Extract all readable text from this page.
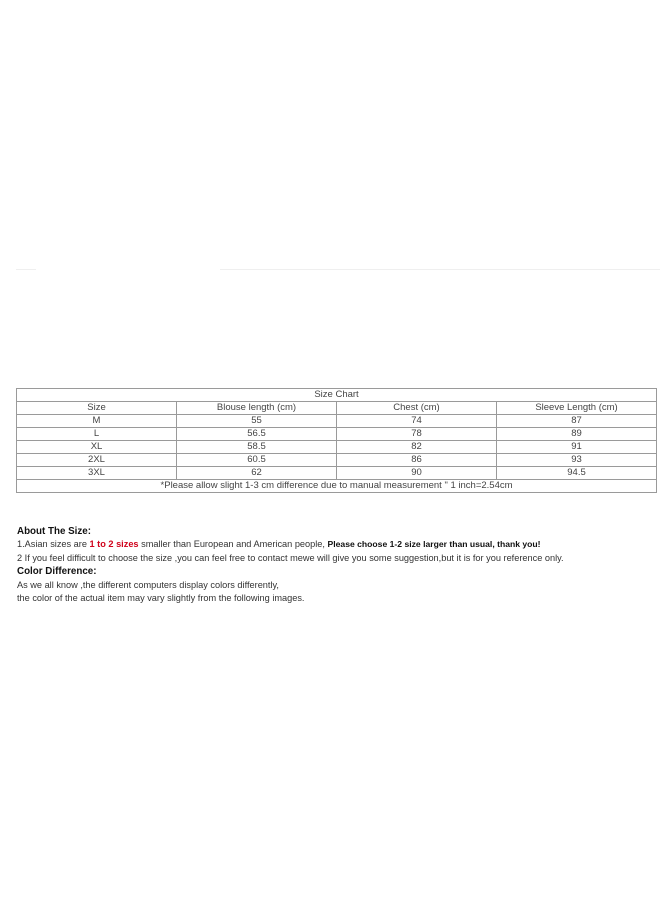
Size Chart			
Size	Blouse length (cm)	Chest (cm)	Sleeve Length (cm)
M	55	74	87
L	56.5	78	89
XL	58.5	82	91
2XL	60.5	86	93
3XL	62	90	94.5
*Please allow slight 1-3 cm difference due to manual measurement " 1 inch=2.54cm			
About The Size:
1.Asian sizes are 1 to 2 sizes smaller than European and American people, Please choose 1-2 size larger than usual, thank you!
2 If you feel difficult to choose the size ,you can feel free to contact mewe will give you some suggestion,but it is for you reference only.
Color Difference:
As we all know ,the different computers display colors differently,
the color of the actual item may vary slightly from the following images.
